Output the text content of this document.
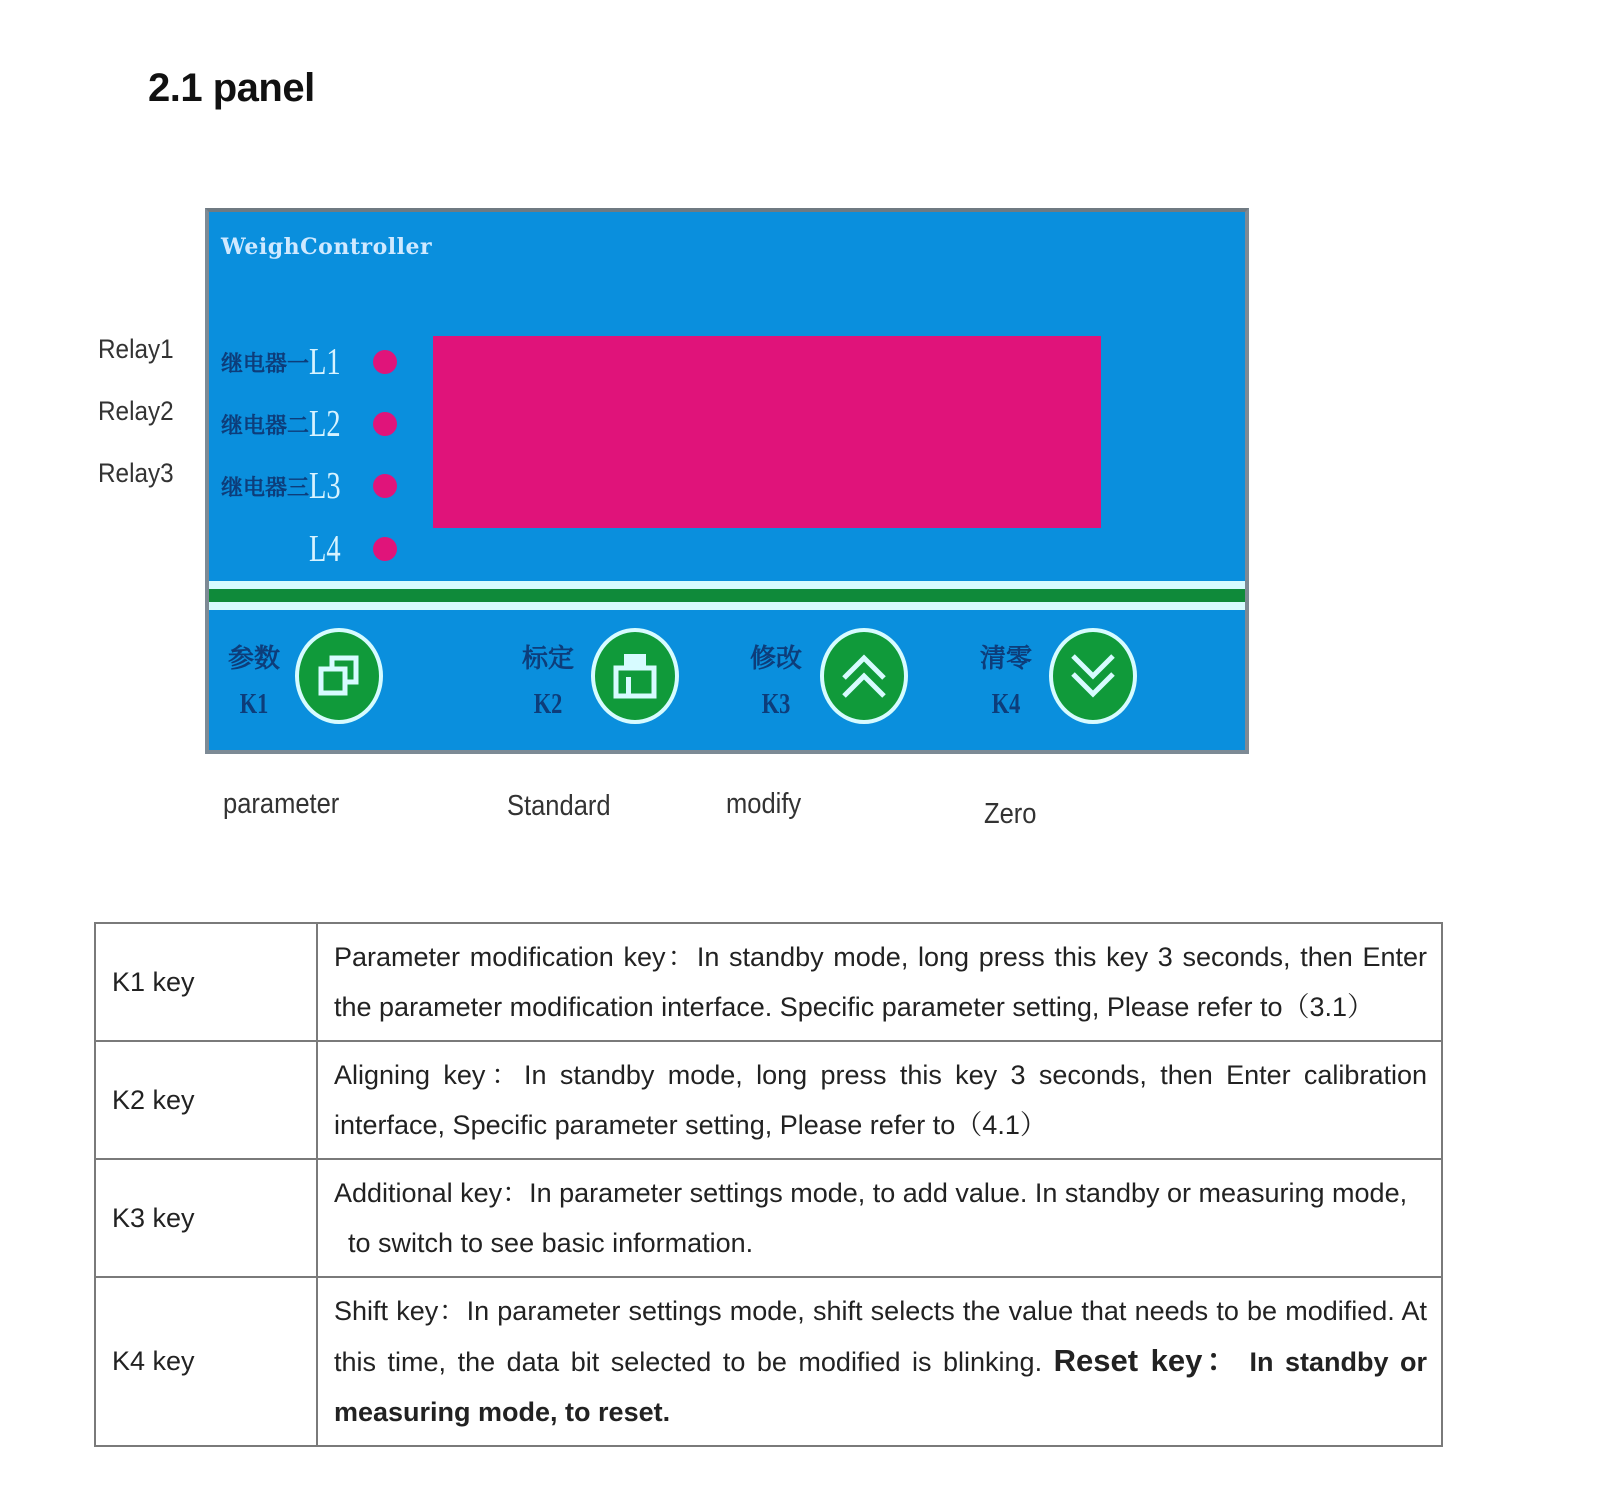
2.1 panel
Relay1
Relay2
Relay3
WeighController
继电器一 L1
继电器二 L2
继电器三 L3
L4
参数
K1
标定
K2
修改
K3
清零
K4
parameter	Standard	modify	Zero
K1 key	Parameter modification key：In standby mode, long press this key 3 seconds, then Enter the parameter modification interface. Specific parameter setting, Please refer to（3.1）
K2 key	Aligning key：In standby mode, long press this key 3 seconds, then Enter calibration interface, Specific parameter setting, Please refer to（4.1）
K3 key	Additional key：In parameter settings mode, to add value. In standby or measuring mode,
to switch to see basic information.

K4 key	Shift key：In parameter settings mode, shift selects the value that needs to be modified. At this time, the data bit selected to be modified is blinking. Reset key： In standby or measuring mode, to reset.
